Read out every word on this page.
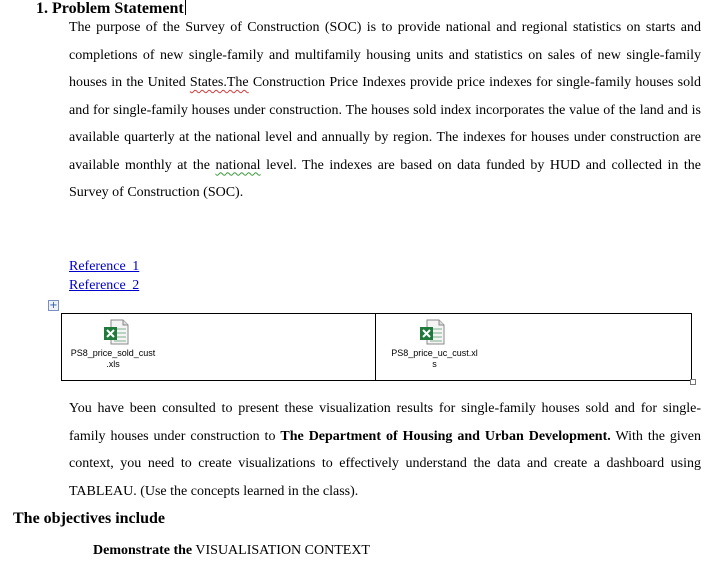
1. Problem Statement
The purpose of the Survey of Construction (SOC) is to provide national and regional statistics on starts and completions of new single-family and multifamily housing units and statistics on sales of new single-family houses in the United States.The Construction Price Indexes provide price indexes for single-family houses sold and for single-family houses under construction. The houses sold index incorporates the value of the land and is available quarterly at the national level and annually by region. The indexes for houses under construction are available monthly at the national level. The indexes are based on data funded by HUD and collected in the Survey of Construction (SOC).
Reference 1
Reference 2
+
PS8_price_sold_cust
.xls
PS8_price_uc_cust.xl
s
You have been consulted to present these visualization results for single-family houses sold and for single-family houses under construction to The Department of Housing and Urban Development. With the given context, you need to create visualizations to effectively understand the data and create a dashboard using TABLEAU. (Use the concepts learned in the class).
The objectives include
Demonstrate the VISUALISATION CONTEXT
